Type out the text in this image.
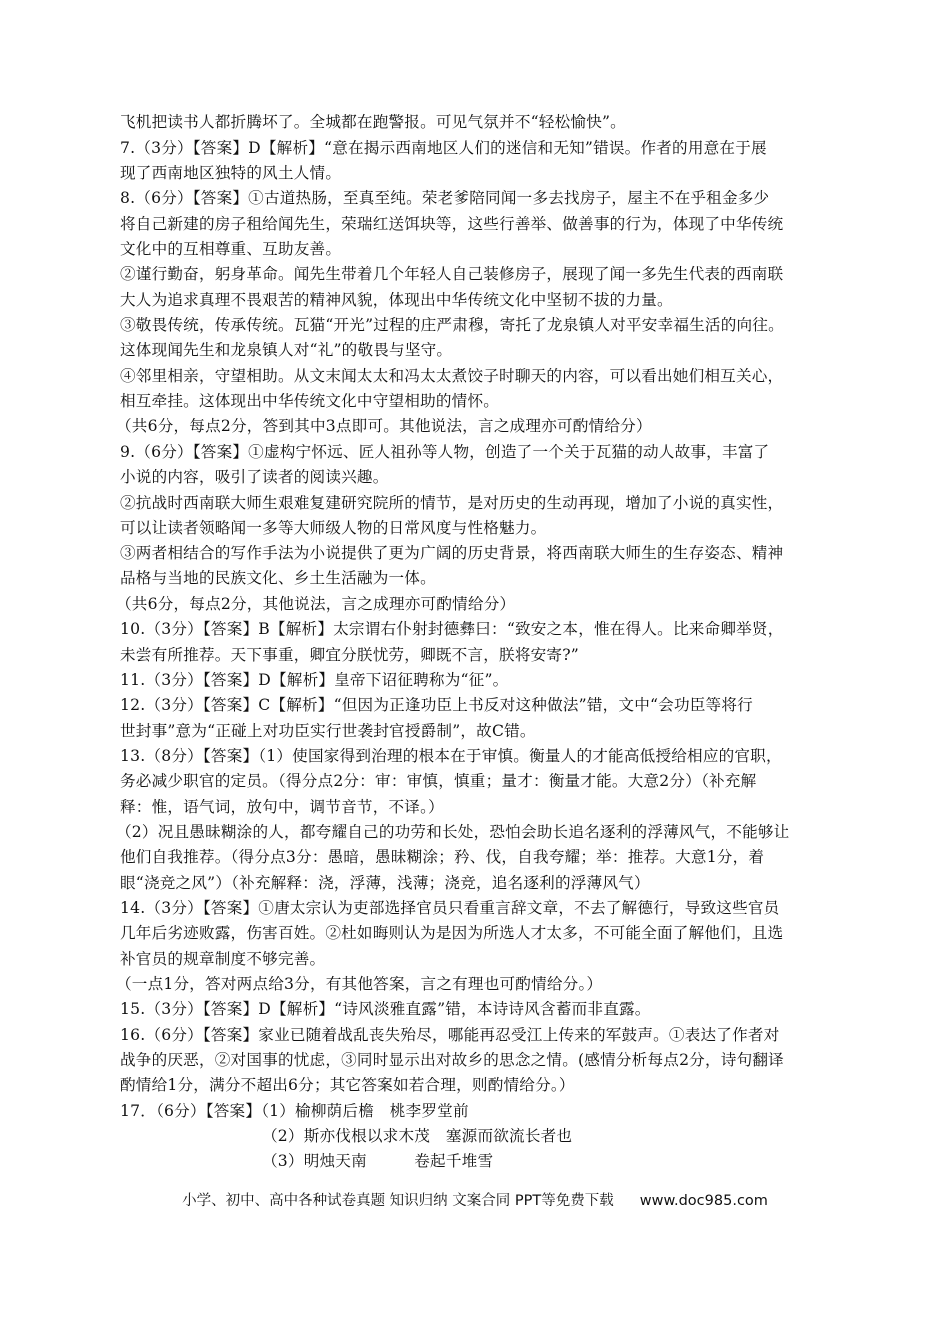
飞机把读书人都折腾坏了。全城都在跑警报。可见气氛并不“轻松愉快”。
7.（3分）【答案】D【解析】“意在揭示西南地区人们的迷信和无知”错误。作者的用意在于展
现了西南地区独特的风土人情。
8.（6分）【答案】①古道热肠，至真至纯。荣老爹陪同闻一多去找房子，屋主不在乎租金多少
将自己新建的房子租给闻先生，荣瑞红送饵块等，这些行善举、做善事的行为，体现了中华传统
文化中的互相尊重、互助友善。
②谨行勤奋，躬身革命。闻先生带着几个年轻人自己装修房子，展现了闻一多先生代表的西南联
大人为追求真理不畏艰苦的精神风貌，体现出中华传统文化中坚韧不拔的力量。
③敬畏传统，传承传统。瓦猫“开光”过程的庄严肃穆，寄托了龙泉镇人对平安幸福生活的向往。
这体现闻先生和龙泉镇人对“礼”的敬畏与坚守。
④邻里相亲，守望相助。从文末闻太太和冯太太煮饺子时聊天的内容，可以看出她们相互关心，
相互牵挂。这体现出中华传统文化中守望相助的情怀。
（共6分，每点2分，答到其中3点即可。其他说法，言之成理亦可酌情给分）
9.（6分）【答案】①虚构宁怀远、匠人祖孙等人物，创造了一个关于瓦猫的动人故事，丰富了
小说的内容，吸引了读者的阅读兴趣。
②抗战时西南联大师生艰难复建研究院所的情节，是对历史的生动再现，增加了小说的真实性，
可以让读者领略闻一多等大师级人物的日常风度与性格魅力。
③两者相结合的写作手法为小说提供了更为广阔的历史背景，将西南联大师生的生存姿态、精神
品格与当地的民族文化、乡土生活融为一体。
（共6分，每点2分，其他说法，言之成理亦可酌情给分）
10.（3分）【答案】B【解析】太宗谓右仆射封德彝曰：“致安之本，惟在得人。比来命卿举贤，
未尝有所推荐。天下事重，卿宜分朕忧劳，卿既不言，朕将安寄?”
11.（3分）【答案】D【解析】皇帝下诏征聘称为“征”。
12.（3分）【答案】C【解析】“但因为正逢功臣上书反对这种做法”错，文中“会功臣等将行
世封事”意为“正碰上对功臣实行世袭封官授爵制”，故C错。
13.（8分）【答案】（1）使国家得到治理的根本在于审慎。衡量人的才能高低授给相应的官职，
务必减少职官的定员。（得分点2分：审：审慎，慎重；量才：衡量才能。大意2分）（补充解
释：惟，语气词，放句中，调节音节，不译。）
（2）况且愚昧糊涂的人，都夸耀自己的功劳和长处，恐怕会助长追名逐利的浮薄风气，不能够让
他们自我推荐。（得分点3分：愚暗，愚昧糊涂；矜、伐，自我夸耀；举：推荐。大意1分，着
眼“浇竞之风”）（补充解释：浇，浮薄，浅薄；浇竞，追名逐利的浮薄风气）
14.（3分）【答案】①唐太宗认为吏部选择官员只看重言辞文章，不去了解德行，导致这些官员
几年后劣迹败露，伤害百姓。②杜如晦则认为是因为所选人才太多，不可能全面了解他们，且选
补官员的规章制度不够完善。
（一点1分，答对两点给3分，有其他答案，言之有理也可酌情给分。）
15.（3分）【答案】D【解析】“诗风淡雅直露”错，本诗诗风含蓄而非直露。
16.（6分）【答案】家业已随着战乱丧失殆尽，哪能再忍受江上传来的军鼓声。①表达了作者对
战争的厌恶，②对国事的忧虑，③同时显示出对故乡的思念之情。(感情分析每点2分，诗句翻译
酌情给1分，满分不超出6分；其它答案如若合理，则酌情给分。）
17．（6分）【答案】（1）榆柳荫后檐　桃李罗堂前
（2）斯亦伐根以求木茂　塞源而欲流长者也
（3）明烛天南　　　卷起千堆雪
小学、初中、高中各种试卷真题 知识归纳 文案合同 PPT等免费下载 www.doc985.com
